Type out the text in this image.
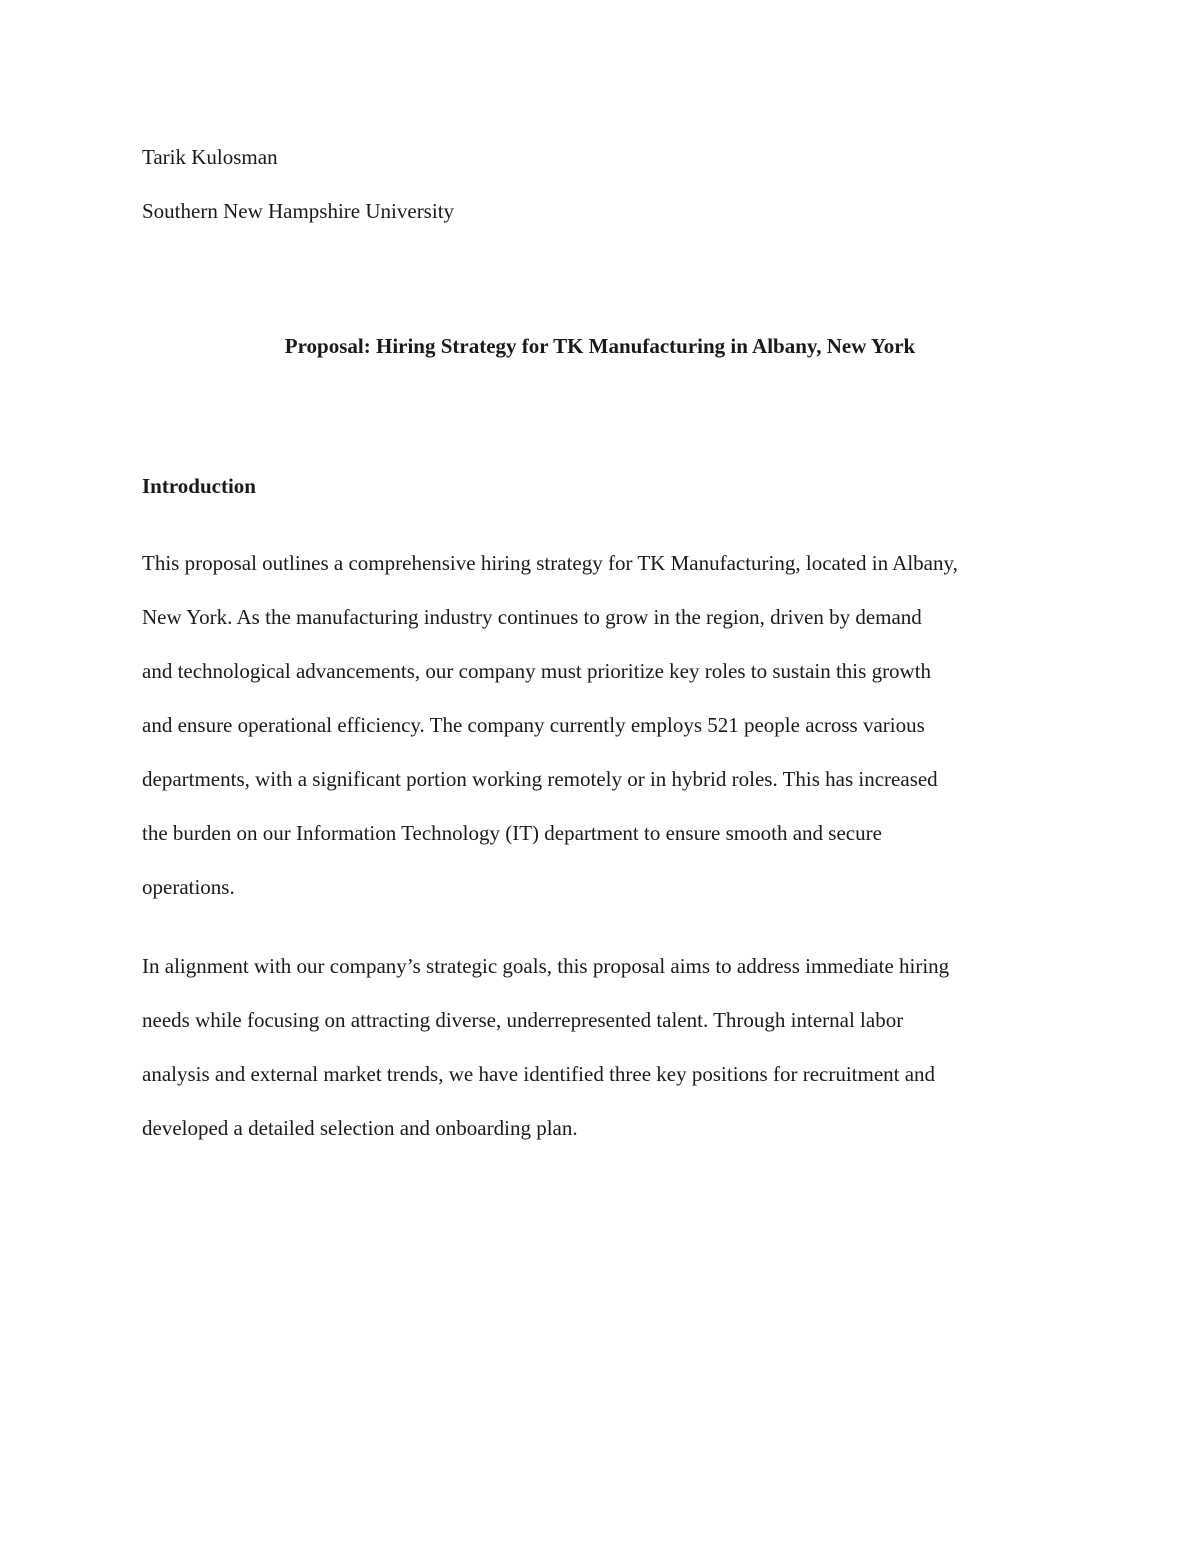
Tarik Kulosman

Southern New Hampshire University

Proposal: Hiring Strategy for TK Manufacturing in Albany, New York
Introduction

This proposal outlines a comprehensive hiring strategy for TK Manufacturing, located in Albany,
New York. As the manufacturing industry continues to grow in the region, driven by demand
and technological advancements, our company must prioritize key roles to sustain this growth
and ensure operational efficiency. The company currently employs 521 people across various
departments, with a significant portion working remotely or in hybrid roles. This has increased
the burden on our Information Technology (IT) department to ensure smooth and secure
operations.

In alignment with our company’s strategic goals, this proposal aims to address immediate hiring
needs while focusing on attracting diverse, underrepresented talent. Through internal labor
analysis and external market trends, we have identified three key positions for recruitment and
developed a detailed selection and onboarding plan.
